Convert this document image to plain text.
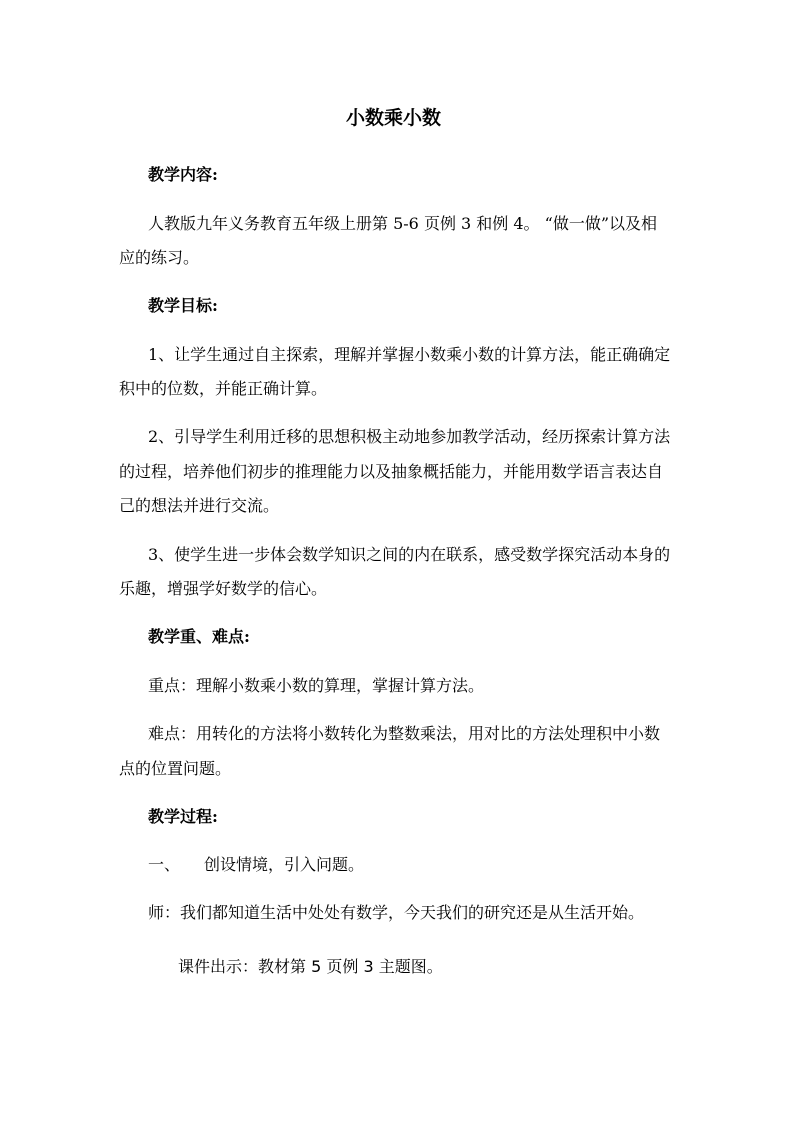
小数乘小数
教学内容:
人教版九年义务教育五年级上册第 5-6 页例 3 和例 4。 “做一做”以及相
应的练习。
教学目标:
1、让学生通过自主探索，理解并掌握小数乘小数的计算方法，能正确确定
积中的位数，并能正确计算。
2、引导学生利用迁移的思想积极主动地参加教学活动，经历探索计算方法
的过程，培养他们初步的推理能力以及抽象概括能力，并能用数学语言表达自
己的想法并进行交流。
3、使学生进一步体会数学知识之间的内在联系，感受数学探究活动本身的
乐趣，增强学好数学的信心。
教学重、难点:
重点：理解小数乘小数的算理，掌握计算方法。
难点：用转化的方法将小数转化为整数乘法，用对比的方法处理积中小数
点的位置问题。
教学过程:
一、 创设情境，引入问题。
师：我们都知道生活中处处有数学，今天我们的研究还是从生活开始。
课件出示：教材第 5 页例 3 主题图。
